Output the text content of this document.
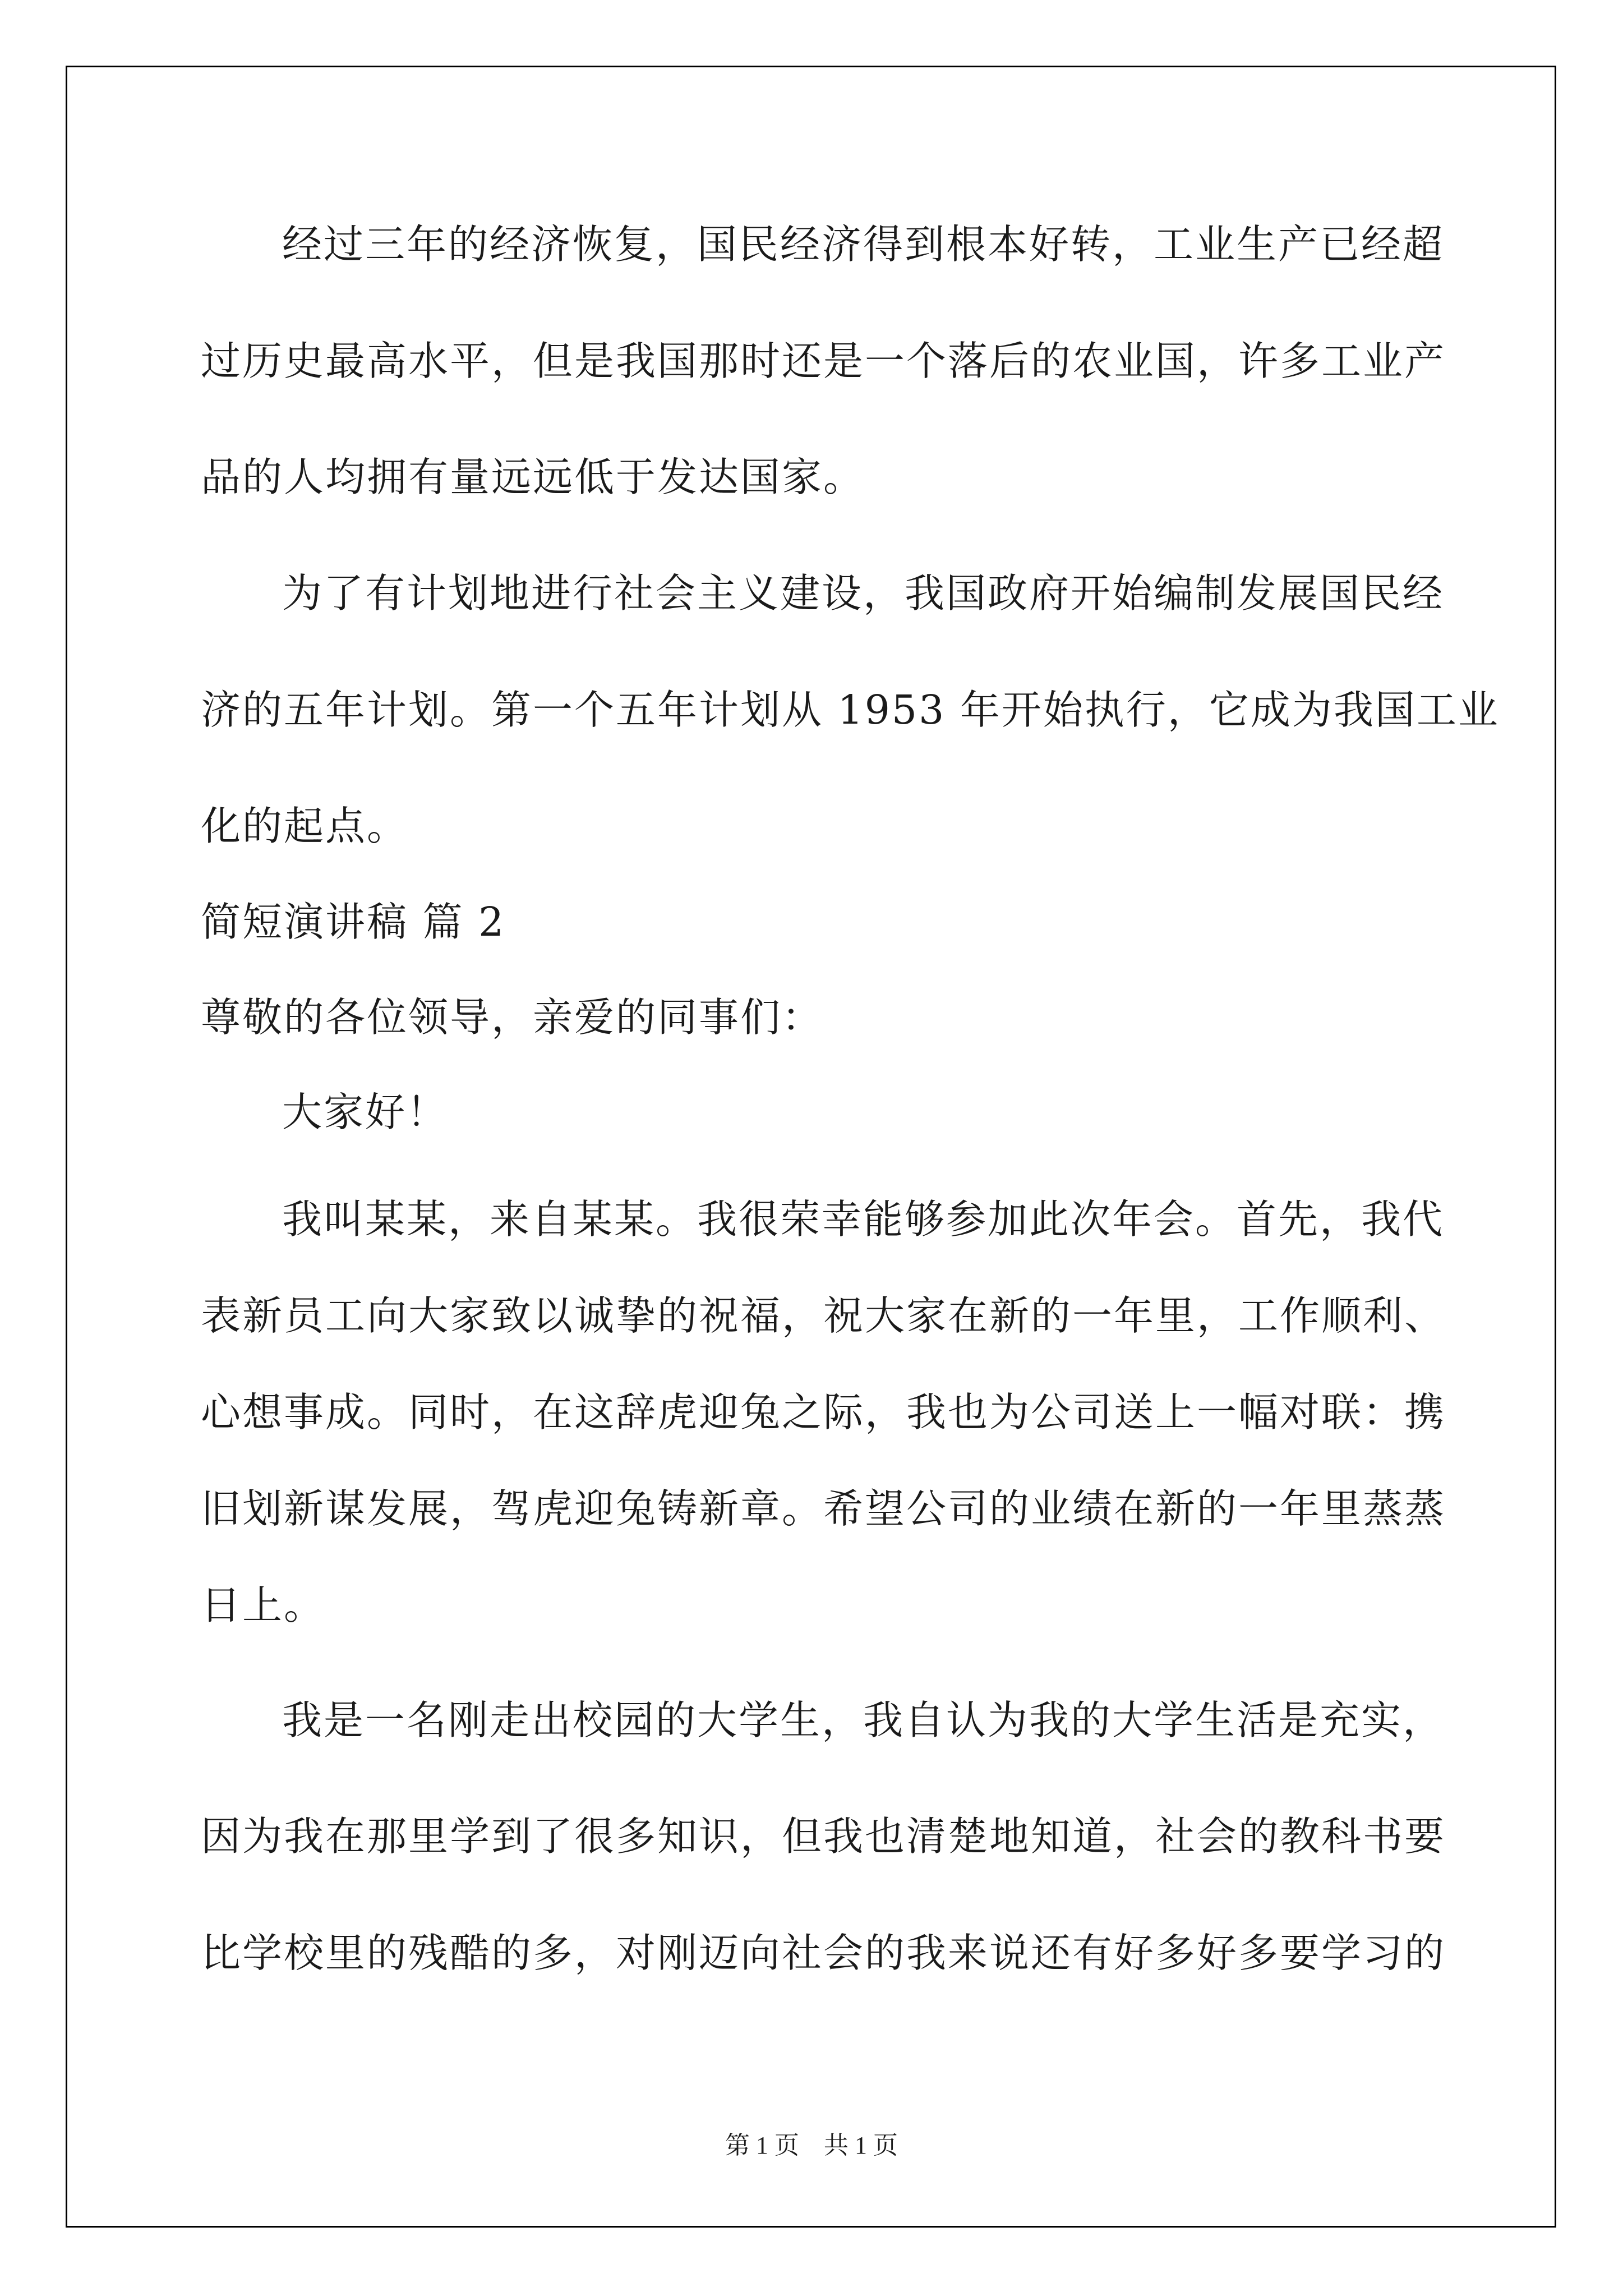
经过三年的经济恢复，国民经济得到根本好转，工业生产已经超
过历史最高水平，但是我国那时还是一个落后的农业国，许多工业产
品的人均拥有量远远低于发达国家。
为了有计划地进行社会主义建设，我国政府开始编制发展国民经
济的五年计划。第一个五年计划从 1953 年开始执行，它成为我国工业
化的起点。
简短演讲稿 篇 2
尊敬的各位领导，亲爱的同事们：
大家好！
我叫某某，来自某某。我很荣幸能够参加此次年会。首先，我代
表新员工向大家致以诚挚的祝福，祝大家在新的一年里，工作顺利、
心想事成。同时，在这辞虎迎兔之际，我也为公司送上一幅对联：携
旧划新谋发展，驾虎迎兔铸新章。希望公司的业绩在新的一年里蒸蒸
日上。
我是一名刚走出校园的大学生，我自认为我的大学生活是充实，
因为我在那里学到了很多知识，但我也清楚地知道，社会的教科书要
比学校里的残酷的多，对刚迈向社会的我来说还有好多好多要学习的
第 1 页　共 1 页
